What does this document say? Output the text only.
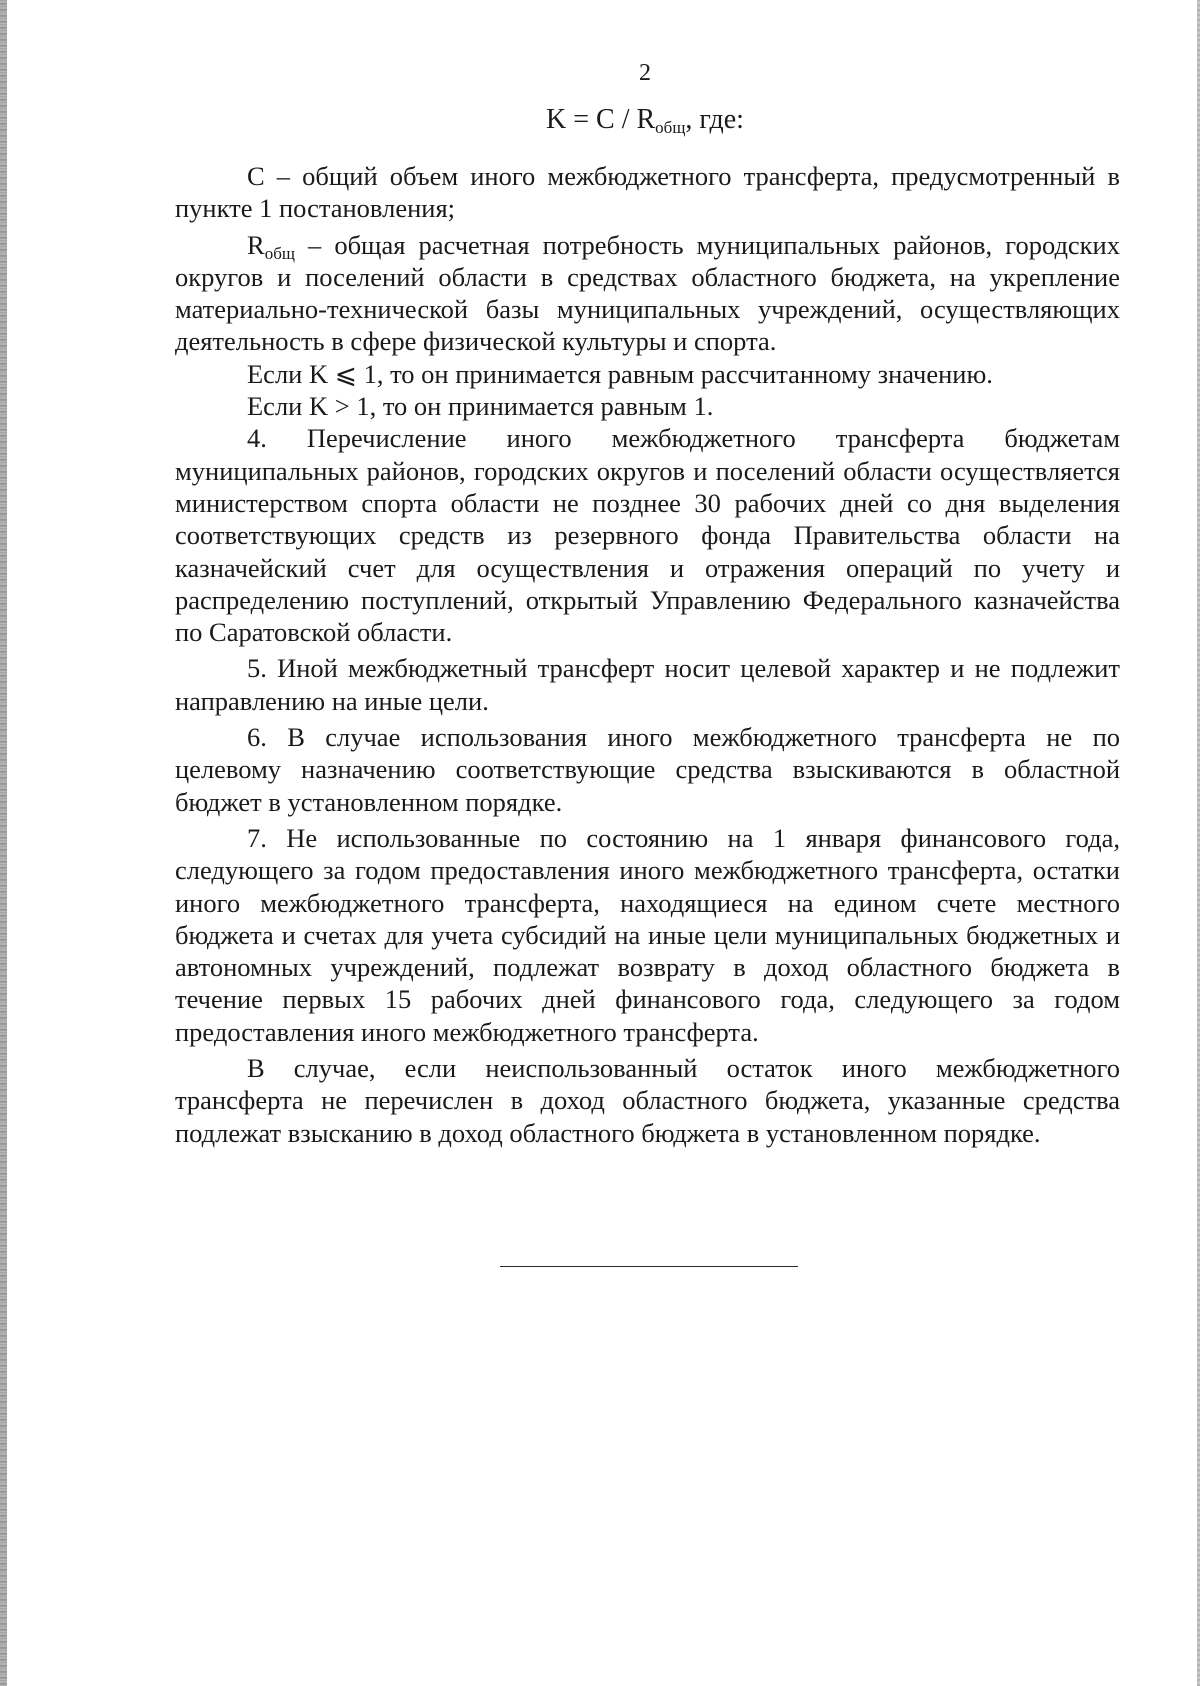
2
$K = C / R_{общ}$, где:

С – общий объем иного межбюджетного трансферта, предусмотренный в пункте 1 постановления;

$R_{общ}$ – общая расчетная потребность муниципальных районов, городских округов и поселений области в средствах областного бюджета, на укрепление материально-технической базы муниципальных учреждений, осуществляющих деятельность в сфере физической культуры и спорта.

Если K ⩽ 1, то он принимается равным рассчитанному значению.

Если K > 1, то он принимается равным 1.

4. Перечисление иного межбюджетного трансферта бюджетам муниципальных районов, городских округов и поселений области осуществляется министерством спорта области не позднее 30 рабочих дней со дня выделения соответствующих средств из резервного фонда Правительства области на казначейский счет для осуществления и отражения операций по учету и распределению поступлений, открытый Управлению Федерального казначейства по Саратовской области.

5. Иной межбюджетный трансферт носит целевой характер и не подлежит направлению на иные цели.

6. В случае использования иного межбюджетного трансферта не по целевому назначению соответствующие средства взыскиваются в областной бюджет в установленном порядке.

7. Не использованные по состоянию на 1 января финансового года, следующего за годом предоставления иного межбюджетного трансферта, остатки иного межбюджетного трансферта, находящиеся на едином счете местного бюджета и счетах для учета субсидий на иные цели муниципальных бюджетных и автономных учреждений, подлежат возврату в доход областного бюджета в течение первых 15 рабочих дней финансового года, следующего за годом предоставления иного межбюджетного трансферта.

В случае, если неиспользованный остаток иного межбюджетного трансферта не перечислен в доход областного бюджета, указанные средства подлежат взысканию в доход областного бюджета в установленном порядке.
